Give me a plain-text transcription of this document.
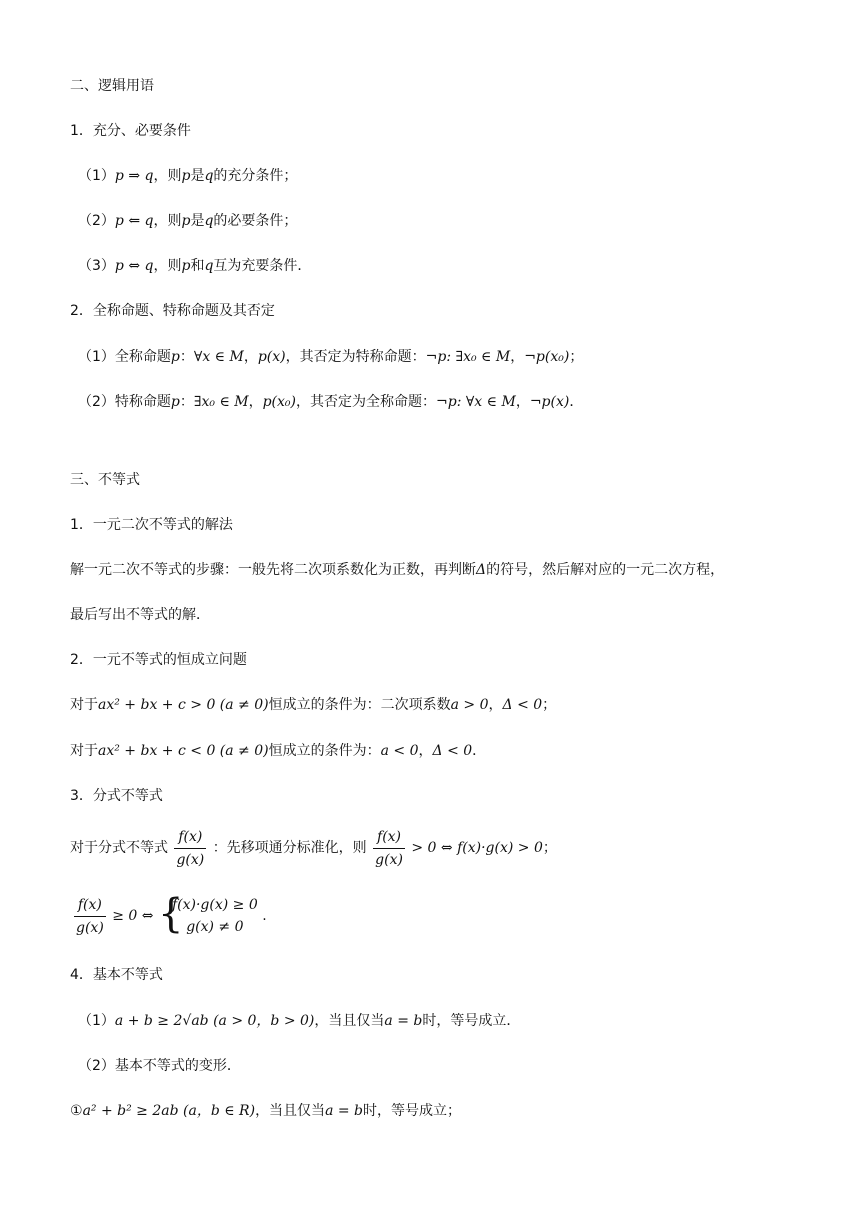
二、逻辑用语
1．充分、必要条件
（1）p ⇒ q，则p是q的充分条件；
（2）p ⇐ q，则p是q的必要条件；
（3）p ⇔ q，则p和q互为充要条件．
2．全称命题、特称命题及其否定
（1）全称命题p：∀x ∈ M，p(x)，其否定为特称命题：¬p: ∃x₀ ∈ M，¬p(x₀)；
（2）特称命题p：∃x₀ ∈ M，p(x₀)，其否定为全称命题：¬p: ∀x ∈ M，¬p(x)．
三、不等式
1．一元二次不等式的解法
解一元二次不等式的步骤：一般先将二次项系数化为正数，再判断Δ的符号，然后解对应的一元二次方程，
最后写出不等式的解．
2．一元不等式的恒成立问题
对于ax² + bx + c > 0 (a ≠ 0)恒成立的条件为：二次项系数a > 0，Δ < 0；
对于ax² + bx + c < 0 (a ≠ 0)恒成立的条件为：a < 0，Δ < 0．
3．分式不等式
对于分式不等式 $\frac{f(x)}{g(x)}$ ：先移项通分标准化，则 $\frac{f(x)}{g(x)} > 0$ ⇔ f(x)·g(x) > 0；
$\frac{f(x)}{g(x)} \ge 0$ ⇔ {
f(x)·g(x) ≥ 0
g(x) ≠ 0
.
4．基本不等式
（1）a + b ≥ 2√ab (a > 0，b > 0)，当且仅当a = b时，等号成立．
（2）基本不等式的变形．
①a² + b² ≥ 2ab (a，b ∈ R)，当且仅当a = b时，等号成立；
